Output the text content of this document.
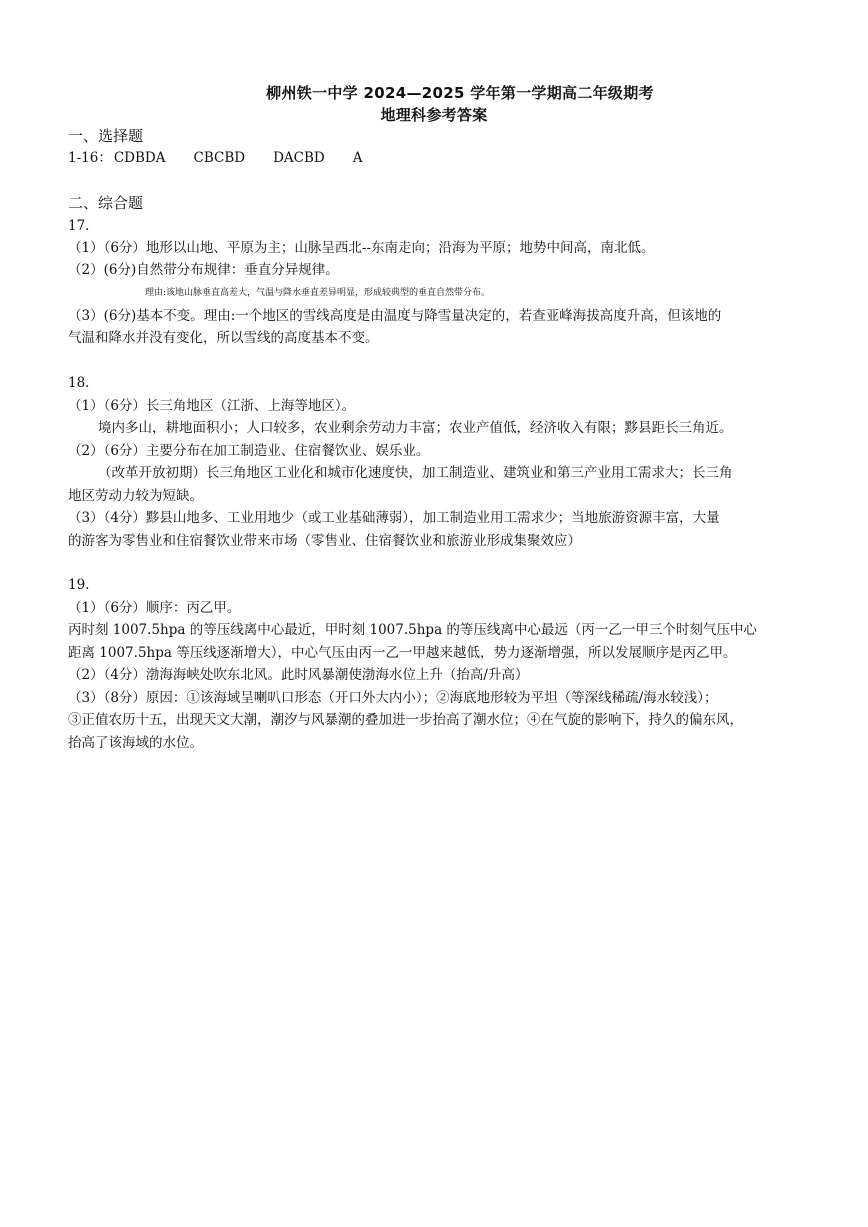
柳州铁一中学 2024—2025 学年第一学期高二年级期考
地理科参考答案
一、选择题
1-16： CDBDA CBCBD DACBD A
二、综合题
17.
（1）（6分）地形以山地、平原为主；山脉呈西北--东南走向；沿海为平原；地势中间高，南北低。
（2）(6分)自然带分布规律：垂直分异规律。
理由:该地山脉垂直高差大，气温与降水垂直差异明显，形成较典型的垂直自然带分布。
（3）(6分)基本不变。理由:一个地区的雪线高度是由温度与降雪量决定的，若查亚峰海拔高度升高，但该地的
气温和降水并没有变化，所以雪线的高度基本不变。
18.
（1）（6分）长三角地区（江浙、上海等地区）。
境内多山，耕地面积小；人口较多，农业剩余劳动力丰富；农业产值低，经济收入有限；黟县距长三角近。
（2）（6分）主要分布在加工制造业、住宿餐饮业、娱乐业。
（改革开放初期）长三角地区工业化和城市化速度快，加工制造业、建筑业和第三产业用工需求大；长三角
地区劳动力较为短缺。
（3）（4分）黟县山地多、工业用地少（或工业基础薄弱），加工制造业用工需求少；当地旅游资源丰富，大量
的游客为零售业和住宿餐饮业带来市场（零售业、住宿餐饮业和旅游业形成集聚效应）
19.
（1）（6分）顺序：丙乙甲。
丙时刻 1007.5hpa 的等压线离中心最近，甲时刻 1007.5hpa 的等压线离中心最远（丙一乙一甲三个时刻气压中心
距离 1007.5hpa 等压线逐渐增大），中心气压由丙一乙一甲越来越低，势力逐渐增强，所以发展顺序是丙乙甲。
（2）（4分）渤海海峡处吹东北风。此时风暴潮使渤海水位上升（抬高/升高）
（3）（8分）原因：①该海域呈喇叭口形态（开口外大内小）；②海底地形较为平坦（等深线稀疏/海水较浅）；
③正值农历十五，出现天文大潮，潮汐与风暴潮的叠加进一步抬高了潮水位；④在气旋的影响下，持久的偏东风，
抬高了该海域的水位。
